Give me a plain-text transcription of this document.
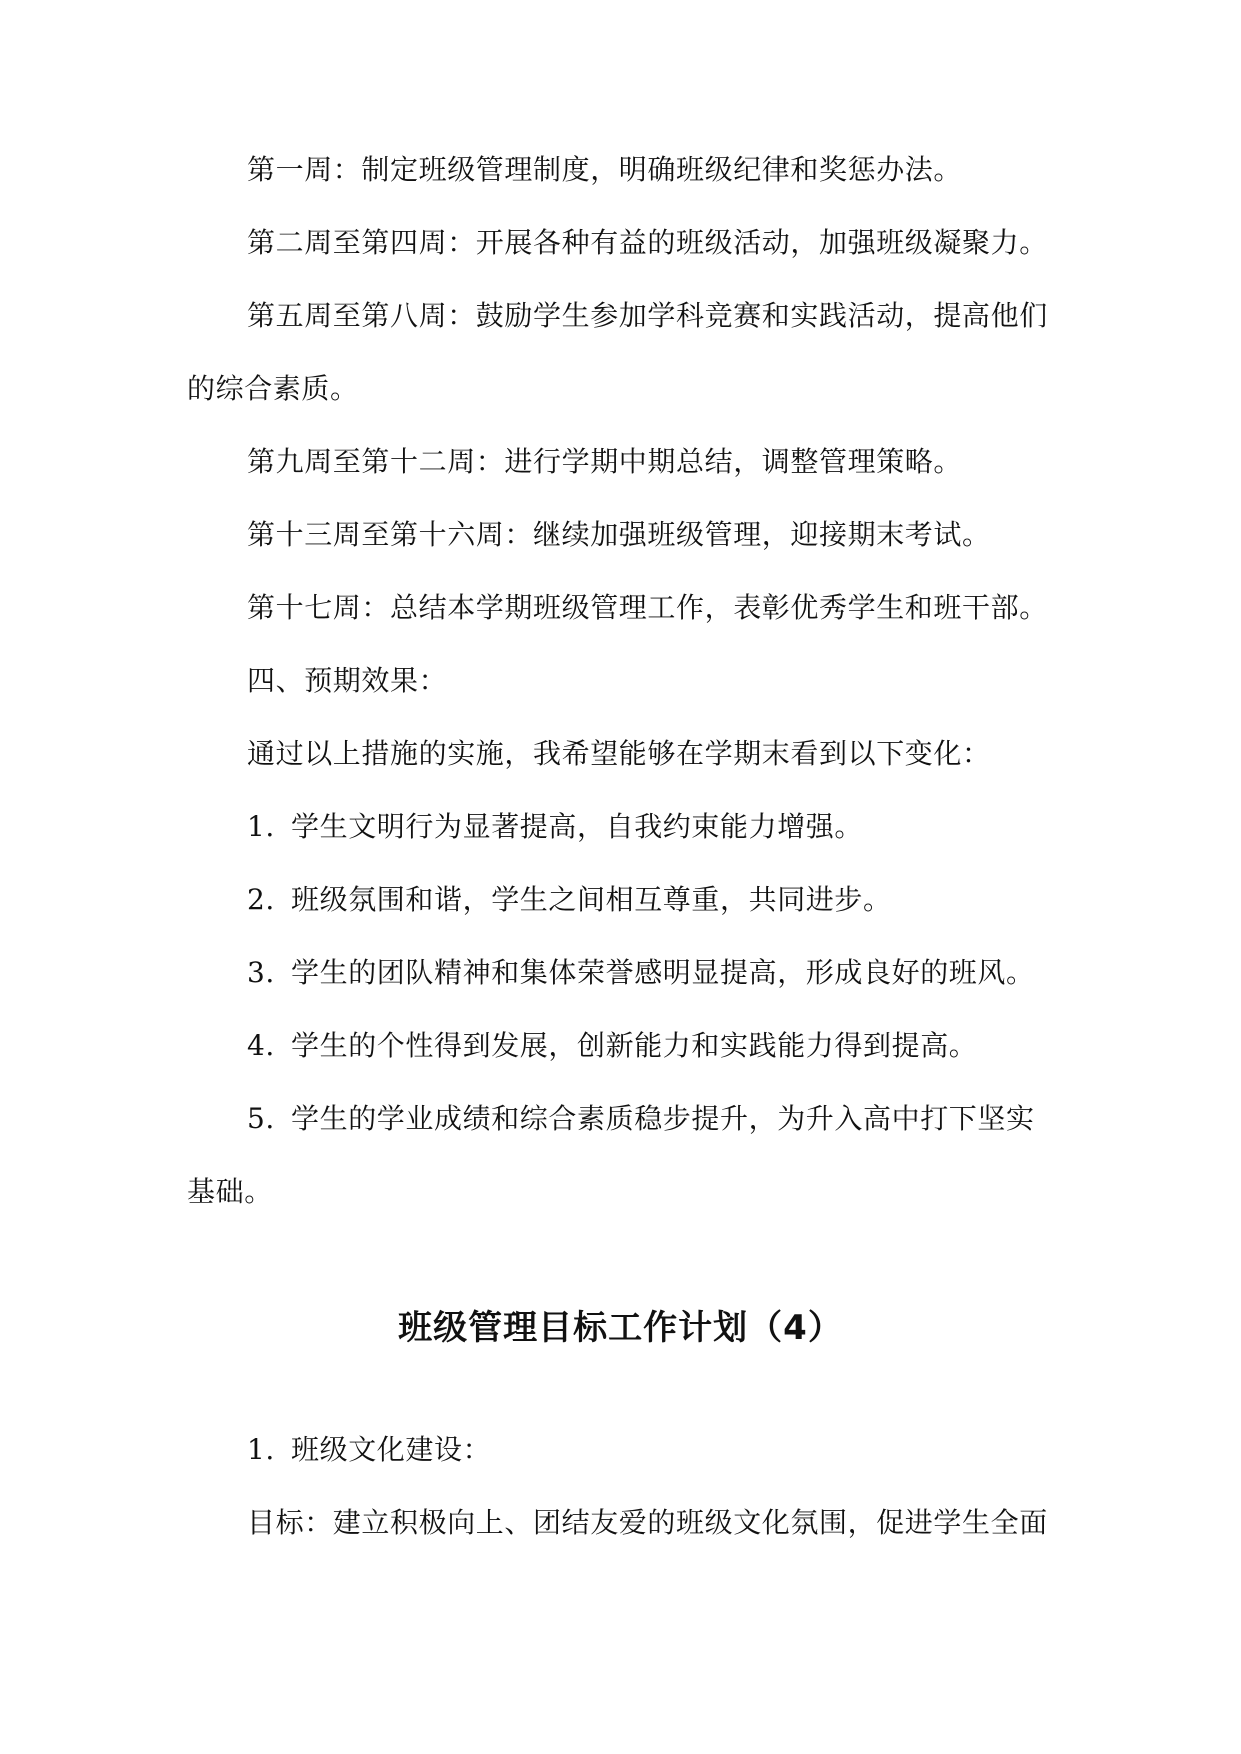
第一周：制定班级管理制度，明确班级纪律和奖惩办法。

第二周至第四周：开展各种有益的班级活动，加强班级凝聚力。

第五周至第八周：鼓励学生参加学科竞赛和实践活动，提高他们

的综合素质。

第九周至第十二周：进行学期中期总结，调整管理策略。

第十三周至第十六周：继续加强班级管理，迎接期末考试。

第十七周：总结本学期班级管理工作，表彰优秀学生和班干部。

四、预期效果：

通过以上措施的实施，我希望能够在学期末看到以下变化：

1. 学生文明行为显著提高，自我约束能力增强。

2. 班级氛围和谐，学生之间相互尊重，共同进步。

3. 学生的团队精神和集体荣誉感明显提高，形成良好的班风。

4. 学生的个性得到发展，创新能力和实践能力得到提高。

5. 学生的学业成绩和综合素质稳步提升，为升入高中打下坚实

基础。

班级管理目标工作计划（4）

1. 班级文化建设：

目标：建立积极向上、团结友爱的班级文化氛围，促进学生全面
